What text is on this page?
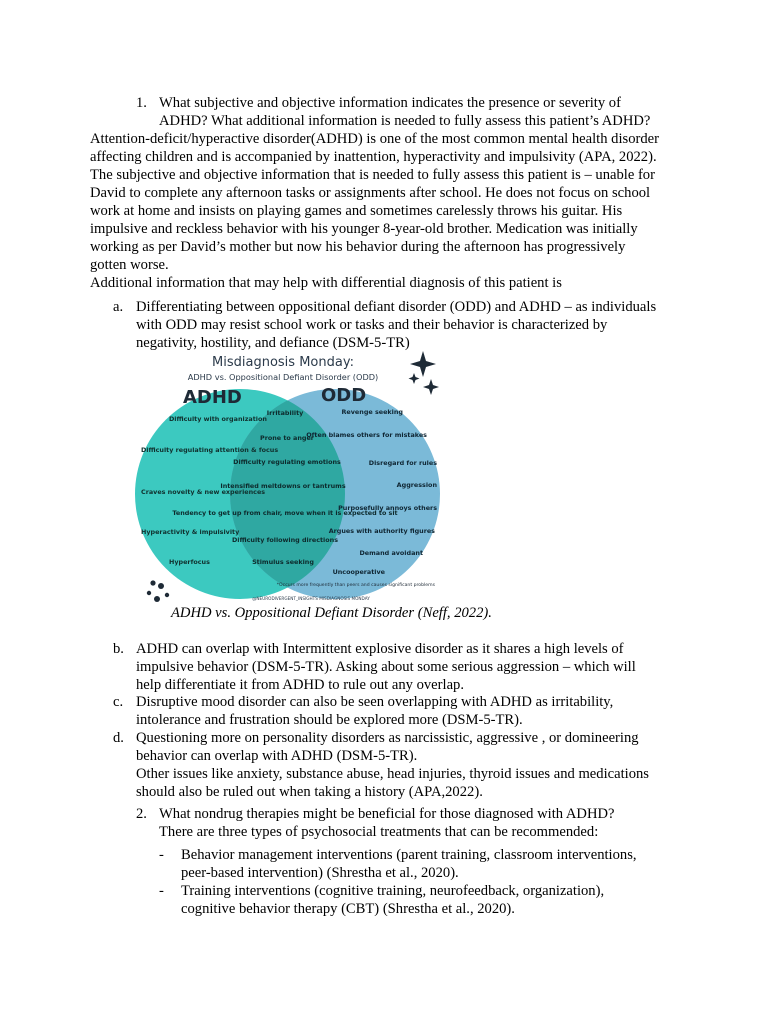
1. What subjective and objective information indicates the presence or severity of
ADHD? What additional information is needed to fully assess this patient’s ADHD?
Attention-deficit/hyperactive disorder(ADHD) is one of the most common mental health disorder
affecting children and is accompanied by inattention, hyperactivity and impulsivity (APA, 2022).
The subjective and objective information that is needed to fully assess this patient is – unable for
David to complete any afternoon tasks or assignments after school. He does not focus on school
work at home and insists on playing games and sometimes carelessly throws his guitar. His
impulsive and reckless behavior with his younger 8-year-old brother. Medication was initially
working as per David’s mother but now his behavior during the afternoon has progressively
gotten worse.
Additional information that may help with differential diagnosis of this patient is
a. Differentiating between oppositional defiant disorder (ODD) and ADHD – as individuals
with ODD may resist school work or tasks and their behavior is characterized by
negativity, hostility, and defiance (DSM-5-TR)
Misdiagnosis Monday:
ADHD vs. Oppositional Defiant Disorder (ODD)
ADHD	ODD
Difficulty with organization
Difficulty regulating attention & focus
Craves novelty & new experiences
Hyperactivity & impulsivity
Hyperfocus
Irritability
Prone to anger
Difficulty regulating emotions
Intensified meltdowns or tantrums
Tendency to get up from chair, move when it is expected to sit
Difficulty following directions
Stimulus seeking
Revenge seeking
Often blames others for mistakes
Disregard for rules
Aggression
Purposefully annoys others
Argues with authority figures
Demand avoidant
Uncooperative
*Occurs more frequently than peers and causes significant problems
@NEURODIVERGENT_INSIGHTS MISDIAGNOSIS MONDAY
ADHD vs. Oppositional Defiant Disorder (Neff, 2022).
b. ADHD can overlap with Intermittent explosive disorder as it shares a high levels of
impulsive behavior (DSM-5-TR). Asking about some serious aggression – which will
help differentiate it from ADHD to rule out any overlap.
c. Disruptive mood disorder can also be seen overlapping with ADHD as irritability,
intolerance and frustration should be explored more (DSM-5-TR).
d. Questioning more on personality disorders as narcissistic, aggressive , or domineering
behavior can overlap with ADHD (DSM-5-TR).
Other issues like anxiety, substance abuse, head injuries, thyroid issues and medications
should also be ruled out when taking a history (APA,2022).
2. What nondrug therapies might be beneficial for those diagnosed with ADHD?
There are three types of psychosocial treatments that can be recommended:
- Behavior management interventions (parent training, classroom interventions,
peer-based intervention) (Shrestha et al., 2020).
- Training interventions (cognitive training, neurofeedback, organization),
cognitive behavior therapy (CBT) (Shrestha et al., 2020).
